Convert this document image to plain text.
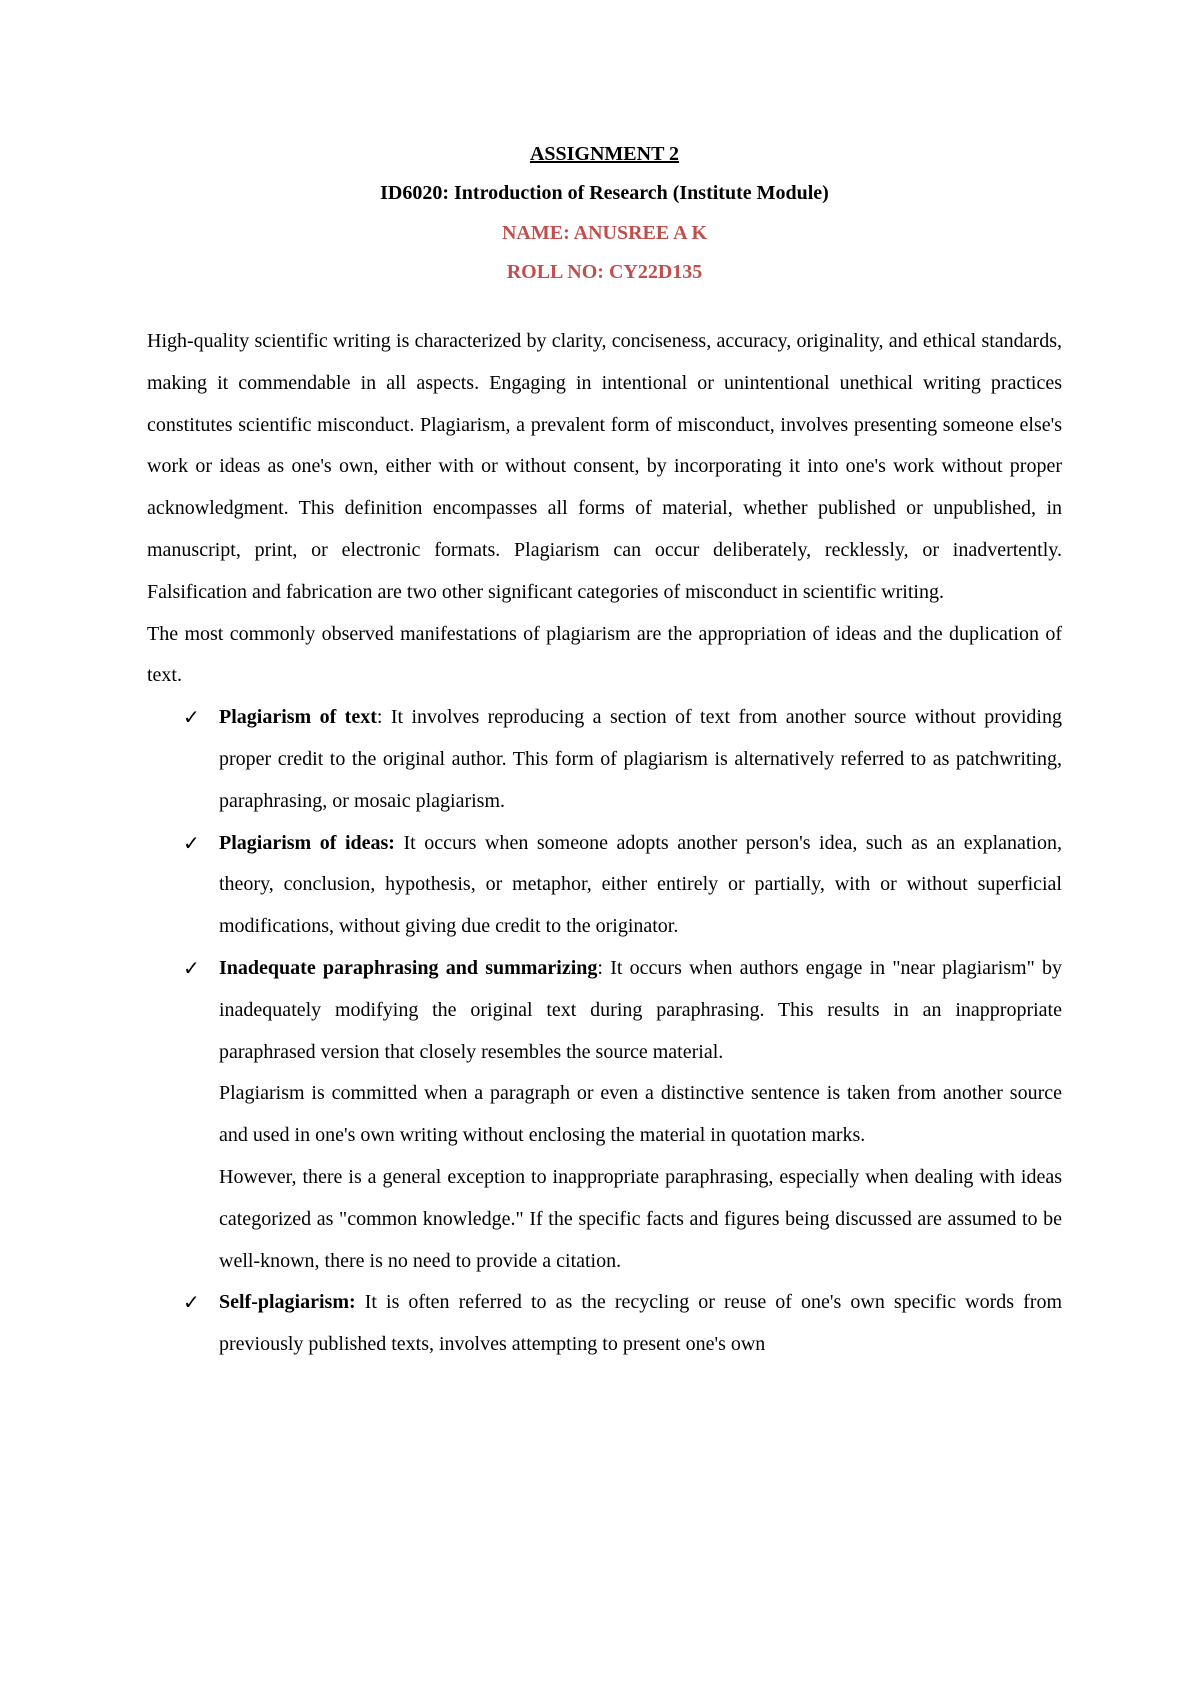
ASSIGNMENT 2
ID6020: Introduction of Research (Institute Module)
NAME: ANUSREE A K
ROLL NO: CY22D135

High-quality scientific writing is characterized by clarity, conciseness, accuracy, originality, and ethical standards, making it commendable in all aspects. Engaging in intentional or unintentional unethical writing practices constitutes scientific misconduct. Plagiarism, a prevalent form of misconduct, involves presenting someone else's work or ideas as one's own, either with or without consent, by incorporating it into one's work without proper acknowledgment. This definition encompasses all forms of material, whether published or unpublished, in manuscript, print, or electronic formats. Plagiarism can occur deliberately, recklessly, or inadvertently. Falsification and fabrication are two other significant categories of misconduct in scientific writing.

The most commonly observed manifestations of plagiarism are the appropriation of ideas and the duplication of text.

✓ Plagiarism of text: It involves reproducing a section of text from another source without providing proper credit to the original author. This form of plagiarism is alternatively referred to as patchwriting, paraphrasing, or mosaic plagiarism.

✓ Plagiarism of ideas: It occurs when someone adopts another person's idea, such as an explanation, theory, conclusion, hypothesis, or metaphor, either entirely or partially, with or without superficial modifications, without giving due credit to the originator.

✓ Inadequate paraphrasing and summarizing: It occurs when authors engage in "near plagiarism" by inadequately modifying the original text during paraphrasing. This results in an inappropriate paraphrased version that closely resembles the source material.

Plagiarism is committed when a paragraph or even a distinctive sentence is taken from another source and used in one's own writing without enclosing the material in quotation marks.

However, there is a general exception to inappropriate paraphrasing, especially when dealing with ideas categorized as "common knowledge." If the specific facts and figures being discussed are assumed to be well-known, there is no need to provide a citation.

✓ Self-plagiarism: It is often referred to as the recycling or reuse of one's own specific words from previously published texts, involves attempting to present one's own
